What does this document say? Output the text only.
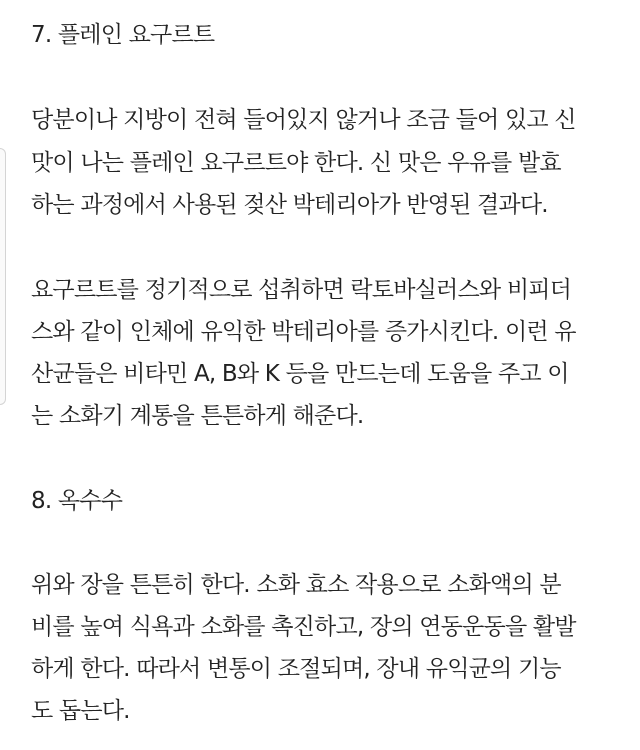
7. 플레인 요구르트
당분이나 지방이 전혀 들어있지 않거나 조금 들어 있고 신
맛이 나는 플레인 요구르트야 한다. 신 맛은 우유를 발효
하는 과정에서 사용된 젖산 박테리아가 반영된 결과다.
요구르트를 정기적으로 섭취하면 락토바실러스와 비피더
스와 같이 인체에 유익한 박테리아를 증가시킨다. 이런 유
산균들은 비타민 A, B와 K 등을 만드는데 도움을 주고 이
는 소화기 계통을 튼튼하게 해준다.
8. 옥수수
위와 장을 튼튼히 한다. 소화 효소 작용으로 소화액의 분
비를 높여 식욕과 소화를 촉진하고, 장의 연동운동을 활발
하게 한다. 따라서 변통이 조절되며, 장내 유익균의 기능
도 돕는다.
